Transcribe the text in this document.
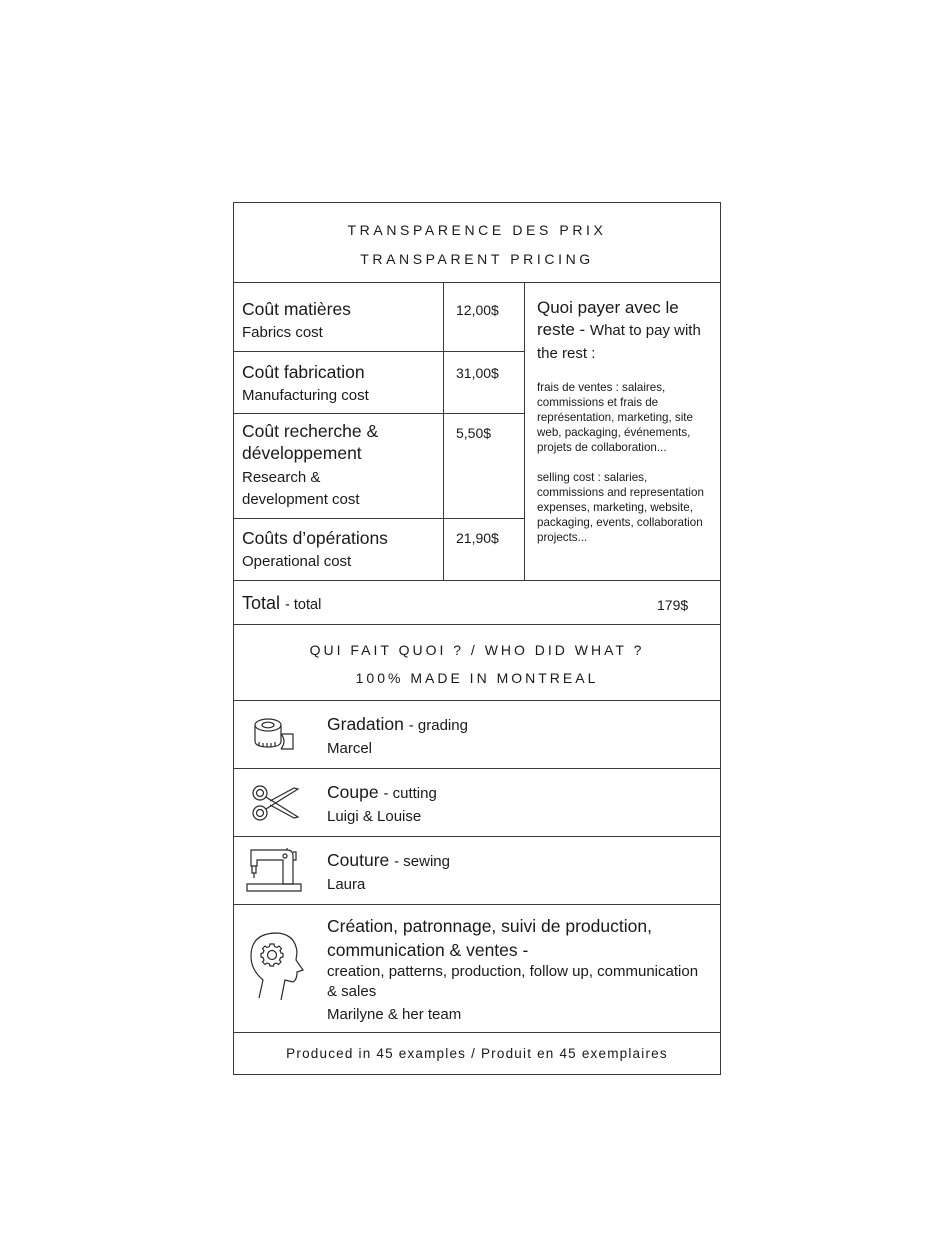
TRANSPARENCE DES PRIX
TRANSPARENT PRICING
Coût matières
Fabrics cost
12,00$
Coût fabrication
Manufacturing cost
31,00$
Coût recherche & développement
Research & development cost
5,50$
Coûts d’opérations
Operational cost
21,90$
Quoi payer avec le reste - What to pay with the rest :

frais de ventes : salaires, commissions et frais de représentation, marketing, site web, packaging, événements, projets de collaboration...

selling cost : salaries, commissions and representation expenses, marketing, website, packaging, events, collaboration projects...

Total - total	179$
QUI FAIT QUOI ? / WHO DID WHAT ?
100% MADE IN MONTREAL
Gradation - grading
Marcel
Coupe - cutting
Luigi & Louise
Couture - sewing
Laura
Création, patronnage, suivi de production, communication & ventes -
creation, patterns, production, follow up, communication & sales
Marilyne & her team
Produced in 45 examples / Produit en 45 exemplaires
